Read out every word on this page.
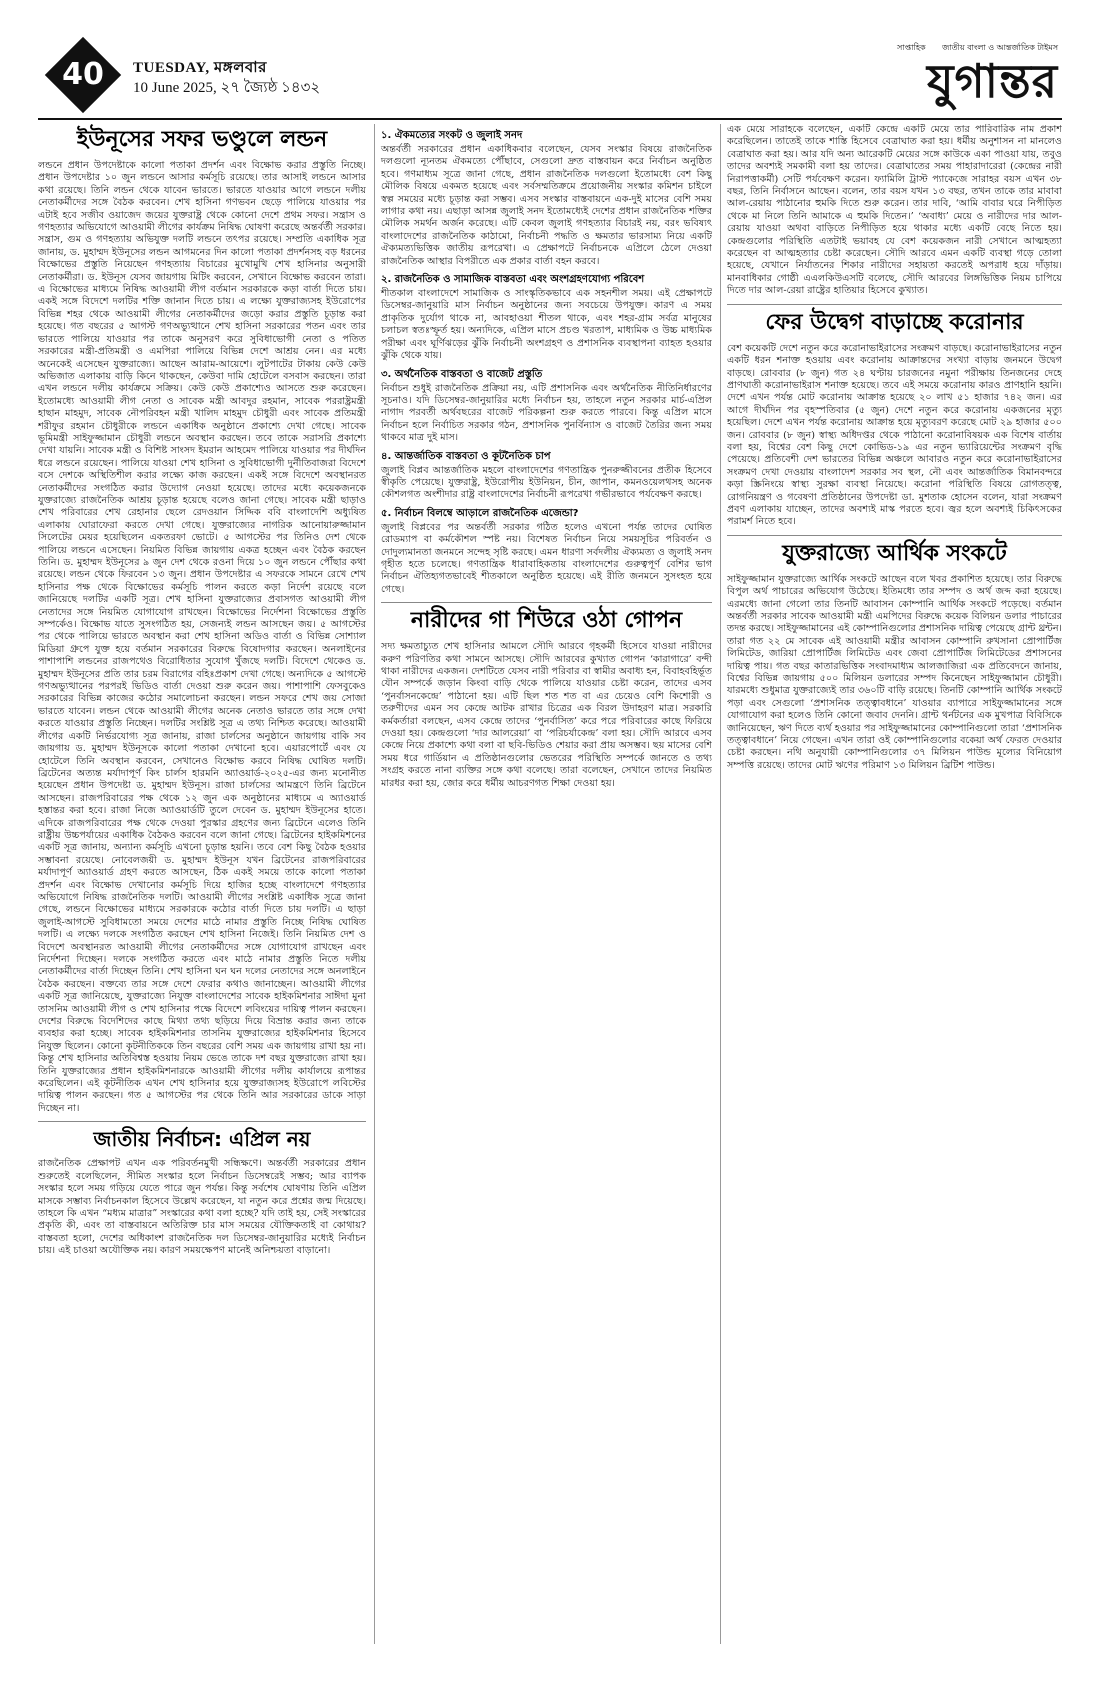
40	TUESDAY, মঙ্গলবার
10 June 2025, ২৭ জ্যৈষ্ঠ ১৪৩২
সাপ্তাহিক জাতীয় বাংলা ও আন্তর্জাতিক টাইমস
যুগান্তর
ইউনূসের সফর ভণ্ডুলে লন্ডন

লন্ডনে প্রধান উপদেষ্টাকে কালো পতাকা প্রদর্শন এবং বিক্ষোভ করার প্রস্তুতি নিচ্ছে। প্রধান উপদেষ্টার ১০ জুন লন্ডনে আসার কর্মসূচি রয়েছে। তার আসাই লন্ডনে আসার কথা রয়েছে। তিনি লন্ডন থেকে যাবেন ভারতে। ভারতে যাওয়ার আগে লন্ডনে দলীয় নেতাকর্মীদের সঙ্গে বৈঠক করবেন। শেখ হাসিনা গণভবন ছেড়ে পালিয়ে যাওয়ার পর এটাই হবে সজীব ওয়াজেদ জয়ের যুক্তরাষ্ট্র থেকে কোনো দেশে প্রথম সফর। সন্ত্রাস ও গণহত্যার অভিযোগে আওয়ামী লীগের কার্যক্রম নিষিদ্ধ ঘোষণা করেছে অন্তর্বর্তী সরকার। সন্ত্রাস, গুম ও গণহত্যায় অভিযুক্ত দলটি লন্ডনে তৎপর রয়েছে। সম্প্রতি একাধিক সূত্র জানায়, ড. মুহাম্মদ ইউনূসের লন্ডন আগমনের দিন কালো পতাকা প্রদর্শনসহ বড় ধরনের বিক্ষোভের প্রস্তুতি নিয়েছেন গণহত্যায় বিচারের মুখোমুখি শেখ হাসিনার অনুসারী নেতাকর্মীরা। ড. ইউনূস যেসব জায়গায় মিটিং করবেন, সেখানে বিক্ষোভ করবেন তারা। এ বিক্ষোভের মাধ্যমে নিষিদ্ধ আওয়ামী লীগ বর্তমান সরকারকে কড়া বার্তা দিতে চায়। একই সঙ্গে বিদেশে দলটির শক্তি জানান দিতে চায়। এ লক্ষ্যে যুক্তরাজ্যসহ ইউরোপের বিভিন্ন শহর থেকে আওয়ামী লীগের নেতাকর্মীদের জড়ো করার প্রস্তুতি চূড়ান্ত করা হয়েছে। গত বছরের ৫ আগস্ট গণঅভ্যুত্থানে শেখ হাসিনা সরকারের পতন এবং তার ভারতে পালিয়ে যাওয়ার পর তাকে অনুসরণ করে সুবিধাভোগী নেতা ও পতিত সরকারের মন্ত্রী-প্রতিমন্ত্রী ও এমপিরা পালিয়ে বিভিন্ন দেশে আশ্রয় নেন। এর মধ্যে অনেকেই এসেছেন যুক্তরাজ্যে। আছেন আরাম-আয়েশে। লুটপাটের টাকায় কেউ কেউ অভিজাত এলাকায় বাড়ি কিনে থাকছেন, কেউবা দামি হোটেলে বসবাস করছেন। তারা এখন লন্ডনে দলীয় কার্যক্রমে সক্রিয়। কেউ কেউ প্রকাশ্যেও আসতে শুরু করেছেন। ইতোমধ্যে আওয়ামী লীগ নেতা ও সাবেক মন্ত্রী আবদুর রহমান, সাবেক পররাষ্ট্রমন্ত্রী হাছান মাহমুদ, সাবেক নৌপরিবহন মন্ত্রী খালিদ মাহমুদ চৌধুরী এবং সাবেক প্রতিমন্ত্রী শরীফুর রহমান চৌধুরীকে লন্ডনে একাধিক অনুষ্ঠানে প্রকাশ্যে দেখা গেছে। সাবেক ভূমিমন্ত্রী সাইফুজ্জামান চৌধুরী লন্ডনে অবস্থান করছেন। তবে তাকে সরাসরি প্রকাশ্যে দেখা যায়নি। সাবেক মন্ত্রী ও বিশিষ্ট সাংসদ ইমরান আহমেদ পালিয়ে যাওয়ার পর দীর্ঘদিন ধরে লন্ডনে রয়েছেন। পালিয়ে যাওয়া শেখ হাসিনা ও সুবিধাভোগী দুর্নীতিবাজরা বিদেশে বসে দেশকে অস্থিতিশীল করার লক্ষ্যে কাজ করছেন। একই সঙ্গে বিদেশে অবস্থানরত নেতাকর্মীদের সংগঠিত করার উদ্যোগ নেওয়া হয়েছে। তাদের মধ্যে কয়েকজনকে যুক্তরাজ্যে রাজনৈতিক আশ্রয় চূড়ান্ত হয়েছে বলেও জানা গেছে। সাবেক মন্ত্রী ছাড়াও শেখ পরিবারের শেখ রেহানার ছেলে রেদওয়ান সিদ্দিক ববি বাংলাদেশি অধ্যুষিত এলাকায় ঘোরাফেরা করতে দেখা গেছে। যুক্তরাজ্যের নাগরিক আনোয়ারুজ্জামান সিলেটের মেয়র হয়েছিলেন একতরফা ভোটে। ৫ আগস্টের পর তিনিও দেশ থেকে পালিয়ে লন্ডনে এসেছেন। নিয়মিত বিভিন্ন জায়গায় একত্র হচ্ছেন এবং বৈঠক করছেন তিনি। ড. মুহাম্মদ ইউনূসের ৯ জুন দেশ থেকে রওনা দিয়ে ১০ জুন লন্ডনে পৌঁছার কথা রয়েছে। লন্ডন থেকে ফিরবেন ১৩ জুন। প্রধান উপদেষ্টার এ সফরকে সামনে রেখে শেখ হাসিনার পক্ষ থেকে বিক্ষোভের কর্মসূচি পালন করতে কড়া নির্দেশ রয়েছে বলে জানিয়েছে দলটির একটি সূত্র। শেখ হাসিনা যুক্তরাজ্যের প্রবাসগত আওয়ামী লীগ নেতাদের সঙ্গে নিয়মিত যোগাযোগ রাখছেন। বিক্ষোভের নির্দেশনা বিক্ষোভের প্রস্তুতি সম্পর্কেও। বিক্ষোভ যাতে সুসংগঠিত হয়, সেজন্যই লন্ডন আসছেন জয়। ৫ আগস্টের পর থেকে পালিয়ে ভারতে অবস্থান করা শেখ হাসিনা অডিও বার্তা ও বিভিন্ন সোশ্যাল মিডিয়া গ্রুপে যুক্ত হয়ে বর্তমান সরকারের বিরুদ্ধে বিষোদগার করছেন। অনলাইনের পাশাপাশি লন্ডনের রাজপথেও বিরোধিতার সুযোগ খুঁজছে দলটি। বিদেশে থেকেও ড. মুহাম্মদ ইউনূসের প্রতি তার চরম বিরাগের বহিঃপ্রকাশ দেখা গেছে। অন্যদিকে ৫ আগস্টে গণঅভ্যুত্থানের পরপরই ভিডিও বার্তা দেওয়া শুরু করেন জয়। পাশাপাশি ফেসবুকেও সরকারের বিভিন্ন কাজের কঠোর সমালোচনা করছেন। লন্ডন সফরে শেখ জয় সোজা ভারতে যাবেন। লন্ডন থেকে আওয়ামী লীগের অনেক নেতাও ভারতে তার সঙ্গে দেখা করতে যাওয়ার প্রস্তুতি নিচ্ছেন। দলটির সংশ্লিষ্ট সূত্র এ তথ্য নিশ্চিত করেছে। আওয়ামী লীগের একটি নির্ভরযোগ্য সূত্র জানায়, রাজা চার্লসের অনুষ্ঠানে জায়গায় বাকি সব জায়গায় ড. মুহাম্মদ ইউনূসকে কালো পতাকা দেখানো হবে। এয়ারপোর্টে এবং যে হোটেলে তিনি অবস্থান করবেন, সেখানেও বিক্ষোভ করবে নিষিদ্ধ ঘোষিত দলটি। ব্রিটেনের অত্যন্ত মর্যাদাপূর্ণ কিং চার্লস হারমনি অ্যাওয়ার্ড-২০২৫-এর জন্য মনোনীত হয়েছেন প্রধান উপদেষ্টা ড. মুহাম্মদ ইউনূস। রাজা চার্লসের আমন্ত্রণে তিনি ব্রিটেনে আসছেন। রাজপরিবারের পক্ষ থেকে ১২ জুন এক অনুষ্ঠানের মাধ্যমে এ অ্যাওয়ার্ড হস্তান্তর করা হবে। রাজা নিজে অ্যাওয়ার্ডটি তুলে দেবেন ড. মুহাম্মদ ইউনূসের হাতে। এদিকে রাজপরিবারের পক্ষ থেকে দেওয়া পুরস্কার গ্রহণের জন্য ব্রিটেনে এলেও তিনি রাষ্ট্রীয় উচ্চপর্যায়ের একাধিক বৈঠকও করবেন বলে জানা গেছে। ব্রিটেনের হাইকমিশনের একটি সূত্র জানায়, অন্যান্য কর্মসূচি এখনো চূড়ান্ত হয়নি। তবে বেশ কিছু বৈঠক হওয়ার সম্ভাবনা রয়েছে। নোবেলজয়ী ড. মুহাম্মদ ইউনূস যখন ব্রিটেনের রাজপরিবারের মর্যাদাপূর্ণ অ্যাওয়ার্ড গ্রহণ করতে আসছেন, ঠিক একই সময়ে তাকে কালো পতাকা প্রদর্শন এবং বিক্ষোভ দেখানোর কর্মসূচি দিয়ে হাজির হচ্ছে বাংলাদেশে গণহত্যার অভিযোগে নিষিদ্ধ রাজনৈতিক দলটি। আওয়ামী লীগের সংশ্লিষ্ট একাধিক সূত্রে জানা গেছে, লন্ডনে বিক্ষোভের মাধ্যমে সরকারকে কঠোর বার্তা দিতে চায় দলটি। এ ছাড়া জুলাই-আগস্টে সুবিধামতো সময়ে দেশের মাঠে নামার প্রস্তুতি নিচ্ছে নিষিদ্ধ ঘোষিত দলটি। এ লক্ষ্যে দলকে সংগঠিত করছেন শেখ হাসিনা নিজেই। তিনি নিয়মিত দেশ ও বিদেশে অবস্থানরত আওয়ামী লীগের নেতাকর্মীদের সঙ্গে যোগাযোগ রাখছেন এবং নির্দেশনা দিচ্ছেন। দলকে সংগঠিত করতে এবং মাঠে নামার প্রস্তুতি নিতে দলীয় নেতাকর্মীদের বার্তা দিচ্ছেন তিনি। শেখ হাসিনা ঘন ঘন দলের নেতাদের সঙ্গে অনলাইনে বৈঠক করছেন। বক্তব্যে তার সঙ্গে দেশে ফেরার কথাও জানাচ্ছেন। আওয়ামী লীগের একটি সূত্র জানিয়েছে, যুক্তরাজ্যে নিযুক্ত বাংলাদেশের সাবেক হাইকমিশনার সাঈদা মুনা তাসনিম আওয়ামী লীগ ও শেখ হাসিনার পক্ষে বিদেশে লবিংয়ের দায়িত্ব পালন করছেন। দেশের বিরুদ্ধে বিদেশিদের কাছে মিথ্যা তথ্য ছড়িয়ে দিয়ে বিভ্রান্ত করার জন্য তাকে ব্যবহার করা হচ্ছে। সাবেক হাইকমিশনার তাসনিম যুক্তরাজ্যের হাইকমিশনার হিসেবে নিযুক্ত ছিলেন। কোনো কূটনীতিককে তিন বছরের বেশি সময় এক জায়গায় রাখা হয় না। কিন্তু শেখ হাসিনার অতিবিশ্বস্ত হওয়ায় নিয়ম ভেঙে তাকে দশ বছর যুক্তরাজ্যে রাখা হয়। তিনি যুক্তরাজ্যের প্রধান হাইকমিশনারকে আওয়ামী লীগের দলীয় কার্যালয়ে রূপান্তর করেছিলেন। এই কূটনীতিক এখন শেখ হাসিনার হয়ে যুক্তরাজ্যসহ ইউরোপে লবিস্টের দায়িত্ব পালন করছেন। গত ৫ আগস্টের পর থেকে তিনি আর সরকারের ডাকে সাড়া দিচ্ছেন না।

জাতীয় নির্বাচন: এপ্রিল নয়

রাজনৈতিক প্রেক্ষাপট এখন এক পরিবর্তনমুখী সন্ধিক্ষণে। অন্তর্বর্তী সরকারের প্রধান শুরুতেই বলেছিলেন, সীমিত সংস্কার হলে নির্বাচন ডিসেম্বরেই সম্ভব; আর ব্যাপক সংস্কার হলে সময় গড়িয়ে যেতে পারে জুন পর্যন্ত। কিন্তু সর্বশেষ ঘোষণায় তিনি এপ্রিল মাসকে সম্ভাব্য নির্বাচনকাল হিসেবে উল্লেখ করেছেন, যা নতুন করে প্রশ্নের জন্ম দিয়েছে। তাহলে কি এখন “মধ্যম মাত্রার” সংস্কারের কথা বলা হচ্ছে? যদি তাই হয়, সেই সংস্কারের প্রকৃতি কী, এবং তা বাস্তবায়নে অতিরিক্ত চার মাস সময়ের যৌক্তিকতাই বা কোথায়? বাস্তবতা হলো, দেশের অধিকাংশ রাজনৈতিক দল ডিসেম্বর-জানুয়ারির মধ্যেই নির্বাচন চায়। এই চাওয়া অযৌক্তিক নয়। কারণ সময়ক্ষেপণ মানেই অনিশ্চয়তা বাড়ানো।

১. ঐকমত্যের সংকট ও জুলাই সনদ

অন্তর্বর্তী সরকারের প্রধান একাধিকবার বলেছেন, যেসব সংস্কার বিষয়ে রাজনৈতিক দলগুলো ন্যূনতম ঐকমত্যে পৌঁছাবে, সেগুলো দ্রুত বাস্তবায়ন করে নির্বাচন অনুষ্ঠিত হবে। গণমাধ্যম সূত্রে জানা গেছে, প্রধান রাজনৈতিক দলগুলো ইতোমধ্যে বেশ কিছু মৌলিক বিষয়ে একমত হয়েছে এবং সর্বসম্মতিক্রমে প্রয়োজনীয় সংস্কার কমিশন চাইলে স্বল্প সময়ের মধ্যে চূড়ান্ত করা সম্ভব। এসব সংস্কার বাস্তবায়নে এক-দুই মাসের বেশি সময় লাগার কথা নয়। এছাড়া আসন্ন জুলাই সনদ ইতোমধ্যেই দেশের প্রধান রাজনৈতিক শক্তির মৌলিক সমর্থন অর্জন করেছে। এটি কেবল জুলাই গণহত্যার বিচারই নয়, বরং ভবিষ্যৎ বাংলাদেশের রাজনৈতিক কাঠামো, নির্বাচনী পদ্ধতি ও ক্ষমতার ভারসাম্য নিয়ে একটি ঐক্যমত্যভিত্তিক জাতীয় রূপরেখা। এ প্রেক্ষাপটে নির্বাচনকে এপ্রিলে ঠেলে দেওয়া রাজনৈতিক আস্থার বিপরীতে এক প্রকার বার্তা বহন করবে।

২. রাজনৈতিক ও সামাজিক বাস্তবতা এবং অংশগ্রহণযোগ্য পরিবেশ

শীতকাল বাংলাদেশে সামাজিক ও সাংস্কৃতিকভাবে এক সহনশীল সময়। এই প্রেক্ষাপটে ডিসেম্বর-জানুয়ারি মাস নির্বাচন অনুষ্ঠানের জন্য সবচেয়ে উপযুক্ত। কারণ এ সময় প্রাকৃতিক দুর্যোগ থাকে না, আবহাওয়া শীতল থাকে, এবং শহর-গ্রাম সর্বত্র মানুষের চলাচল স্বতঃস্ফূর্ত হয়। অন্যদিকে, এপ্রিল মাসে প্রচণ্ড খরতাপ, মাধ্যমিক ও উচ্চ মাধ্যমিক পরীক্ষা এবং ঘূর্ণিঝড়ের ঝুঁকি নির্বাচনী অংশগ্রহণ ও প্রশাসনিক ব্যবস্থাপনা ব্যাহত হওয়ার ঝুঁকি থেকে যায়।

৩. অর্থনৈতিক বাস্তবতা ও বাজেট প্রস্তুতি

নির্বাচন শুধুই রাজনৈতিক প্রক্রিয়া নয়, এটি প্রশাসনিক এবং অর্থনৈতিক নীতিনির্ধারণের সূচনাও। যদি ডিসেম্বর-জানুয়ারির মধ্যে নির্বাচন হয়, তাহলে নতুন সরকার মার্চ-এপ্রিল নাগাদ পরবর্তী অর্থবছরের বাজেট পরিকল্পনা শুরু করতে পারবে। কিন্তু এপ্রিল মাসে নির্বাচন হলে নির্বাচিত সরকার গঠন, প্রশাসনিক পুনর্বিন্যাস ও বাজেট তৈরির জন্য সময় থাকবে মাত্র দুই মাস।

৪. আন্তর্জাতিক বাস্তবতা ও কূটনৈতিক চাপ

জুলাই বিপ্লব আন্তর্জাতিক মহলে বাংলাদেশের গণতান্ত্রিক পুনরুজ্জীবনের প্রতীক হিসেবে স্বীকৃতি পেয়েছে। যুক্তরাষ্ট্র, ইউরোপীয় ইউনিয়ন, চীন, জাপান, কমনওয়েলথসহ অনেক কৌশলগত অংশীদার রাষ্ট্র বাংলাদেশের নির্বাচনী রূপরেখা গভীরভাবে পর্যবেক্ষণ করছে।

৫. নির্বাচন বিলম্বে আড়ালে রাজনৈতিক এজেন্ডা?

জুলাই বিপ্লবের পর অন্তর্বর্তী সরকার গঠিত হলেও এখনো পর্যন্ত তাদের ঘোষিত রোডম্যাপ বা কর্মকৌশল স্পষ্ট নয়। বিশেষত নির্বাচন নিয়ে সময়সূচির পরিবর্তন ও দোদুল্যমানতা জনমনে সন্দেহ সৃষ্টি করছে। এমন ধারণা সর্বদলীয় ঐক্যমত্য ও জুলাই সনদ গৃহীত হতে চলেছে। গণতান্ত্রিক ধারাবাহিকতায় বাংলাদেশের গুরুত্বপূর্ণ বেশির ভাগ নির্বাচন ঐতিহ্যগতভাবেই শীতকালে অনুষ্ঠিত হয়েছে। এই রীতি জনমনে সুসংহত হয়ে গেছে।

নারীদের গা শিউরে ওঠা গোপন

সদ্য ক্ষমতাচ্যুত শেখ হাসিনার আমলে সৌদি আরবে গৃহকর্মী হিসেবে যাওয়া নারীদের করুণ পরিণতির কথা সামনে আসছে। সৌদি আরবের কুখ্যাত গোপন ‘কারাগারে’ বন্দী থাকা নারীদের একজন। দেশটিতে যেসব নারী পরিবার বা স্বামীর অবাধ্য হন, বিবাহবহির্ভূত যৌন সম্পর্কে জড়ান কিংবা বাড়ি থেকে পালিয়ে যাওয়ার চেষ্টা করেন, তাদের এসব ‘পুনর্বাসনকেন্দ্রে’ পাঠানো হয়। এটি ছিল শত শত বা এর চেয়েও বেশি কিশোরী ও তরুণীদের এমন সব কেন্দ্রে আটক রাখার চিত্রের এক বিরল উদাহরণ মাত্র। সরকারি কর্মকর্তারা বলছেন, এসব কেন্দ্রে তাদের ‘পুনর্বাসিত’ করে পরে পরিবারের কাছে ফিরিয়ে দেওয়া হয়। কেন্দ্রগুলো ‘দার আলরেয়া’ বা ‘পরিচর্যাকেন্দ্র’ বলা হয়। সৌদি আরবে এসব কেন্দ্রে নিয়ে প্রকাশ্যে কথা বলা বা ছবি-ভিডিও শেয়ার করা প্রায় অসম্ভব। ছয় মাসের বেশি সময় ধরে গার্ডিয়ান এ প্রতিষ্ঠানগুলোর ভেতরের পরিস্থিতি সম্পর্কে জানতে ও তথ্য সংগ্রহ করতে নানা ব্যক্তির সঙ্গে কথা বলেছে। তারা বলেছেন, সেখানে তাদের নিয়মিত মারধর করা হয়, জোর করে ধর্মীয় আচরণগত শিক্ষা দেওয়া হয়।

এক মেয়ে সারাহকে বলেছেন, একটি কেন্দ্রে একটি মেয়ে তার পারিবারিক নাম প্রকাশ করেছিলেন। তাতেই তাকে শাস্তি হিসেবে বেত্রাঘাত করা হয়। ধর্মীয় অনুশাসন না মানলেও বেত্রাঘাত করা হয়। আর যদি অন্য আরেকটি মেয়ের সঙ্গে কাউকে একা পাওয়া যায়, তবুও তাদের অবশ্যই সমকামী বলা হয় তাদের। বেত্রাঘাতের সময় পাহারাদারেরা (কেন্দ্রের নারী নিরাপত্তাকর্মী) সেটি পর্যবেক্ষণ করেন। ফ্যামিলি ট্রাস্ট প্যাকেজে সারাহর বয়স এখন ৩৮ বছর, তিনি নির্বাসনে আছেন। বলেন, তার বয়স যখন ১৩ বছর, তখন তাকে তার মাবাবা আল-রেয়ায় পাঠানোর হুমকি দিতে শুরু করেন। তার দাবি, ‘আমি বাবার ঘরে নিপীড়িত থেকে মা নিলে তিনি আমাকে এ হুমকি দিতেন।’ ‘অবাধ্য’ মেয়ে ও নারীদের দার আল-রেয়ায় যাওয়া অথবা বাড়িতে নিপীড়িত হয়ে থাকার মধ্যে একটি বেছে নিতে হয়। কেন্দ্রগুলোর পরিস্থিতি এতটাই ভয়াবহ যে বেশ কয়েকজন নারী সেখানে আত্মহত্যা করেছেন বা আত্মহত্যার চেষ্টা করেছেন। সৌদি আরবে এমন একটি ব্যবস্থা গড়ে তোলা হয়েছে, যেখানে নির্যাতনের শিকার নারীদের সহায়তা করতেই অপরাধ হয়ে দাঁড়ায়। মানবাধিকার গোষ্ঠী এএলকিউএসটি বলেছে, সৌদি আরবের লিঙ্গভিত্তিক নিয়ম চাপিয়ে দিতে দার আল-রেয়া রাষ্ট্রের হাতিয়ার হিসেবে কুখ্যাত।

ফের উদ্বেগ বাড়াচ্ছে করোনার

বেশ কয়েকটি দেশে নতুন করে করোনাভাইরাসের সংক্রমণ বাড়ছে। করোনাভাইরাসের নতুন একটি ধরন শনাক্ত হওয়ায় এবং করোনায় আক্রান্তদের সংখ্যা বাড়ায় জনমনে উদ্বেগ বাড়ছে। রোববার (৮ জুন) গত ২৪ ঘণ্টায় চারজনের নমুনা পরীক্ষায় তিনজনের দেহে প্রাণঘাতী করোনাভাইরাস শনাক্ত হয়েছে। তবে এই সময়ে করোনায় কারও প্রাণহানি হয়নি। দেশে এখন পর্যন্ত মোট করোনায় আক্রান্ত হয়েছে ২০ লাখ ৫১ হাজার ৭৪২ জন। এর আগে দীর্ঘদিন পর বৃহস্পতিবার (৫ জুন) দেশে নতুন করে করোনায় একজনের মৃত্যু হয়েছিল। দেশে এখন পর্যন্ত করোনায় আক্রান্ত হয়ে মৃত্যুবরণ করেছে মোট ২৯ হাজার ৫০০ জন। রোববার (৮ জুন) স্বাস্থ্য অধিদপ্তর থেকে পাঠানো করোনাবিষয়ক এক বিশেষ বার্তায় বলা হয়, বিশ্বের বেশ কিছু দেশে কোভিড-১৯ এর নতুন ভ্যারিয়েন্টের সংক্রমণ বৃদ্ধি পেয়েছে। প্রতিবেশী দেশ ভারতের বিভিন্ন অঞ্চলে আবারও নতুন করে করোনাভাইরাসের সংক্রমণ দেখা দেওয়ায় বাংলাদেশ সরকার সব স্থল, নৌ এবং আন্তর্জাতিক বিমানবন্দরে কড়া স্ক্রিনিংয়ে স্বাস্থ্য সুরক্ষা ব্যবস্থা নিয়েছে। করোনা পরিস্থিতি বিষয়ে রোগতত্ত্ব, রোগনিয়ন্ত্রণ ও গবেষণা প্রতিষ্ঠানের উপদেষ্টা ডা. মুশতাক হোসেন বলেন, যারা সংক্রমণ প্রবণ এলাকায় যাচ্ছেন, তাদের অবশ্যই মাস্ক পরতে হবে। জ্বর হলে অবশ্যই চিকিৎসকের পরামর্শ নিতে হবে।

যুক্তরাজ্যে আর্থিক সংকটে

সাইফুজ্জামান যুক্তরাজ্যে আর্থিক সংকটে আছেন বলে খবর প্রকাশিত হয়েছে। তার বিরুদ্ধে বিপুল অর্থ পাচারের অভিযোগ উঠেছে। ইতিমধ্যে তার সম্পদ ও অর্থ জব্দ করা হয়েছে। এরমধ্যে জানা গেলো তার তিনটি আবাসন কোম্পানি আর্থিক সংকটে পড়েছে। বর্তমান অন্তর্বর্তী সরকার সাবেক আওয়ামী মন্ত্রী এমপিদের বিরুদ্ধে কয়েক বিলিয়ন ডলার পাচারের তদন্ত করছে। সাইফুজ্জামানের এই কোম্পানিগুলোর প্রশাসনিক দায়িত্ব পেয়েছে গ্রান্ট থ্রন্টন। তারা গত ২২ মে সাবেক এই আওয়ামী মন্ত্রীর আবাসন কোম্পানি রুখসানা প্রোপার্টিজ লিমিটেড, জারিয়া প্রোপার্টিজ লিমিটেড এবং জেবা প্রোপার্টিজ লিমিটেডের প্রশাসনের দায়িত্ব পায়। গত বছর কাতারভিত্তিক সংবাদমাধ্যম আলজাজিরা এক প্রতিবেদনে জানায়, বিশ্বের বিভিন্ন জায়গায় ৫০০ মিলিয়ন ডলারের সম্পদ কিনেছেন সাইফুজ্জামান চৌধুরী। যারমধ্যে শুধুমাত্র যুক্তরাজ্যেই তার ৩৬০টি বাড়ি রয়েছে। তিনটি কোম্পানি আর্থিক সংকটে পড়া এবং সেগুলো ‘প্রশাসনিক তত্ত্বাবধানে’ যাওয়ার ব্যাপারে সাইফুজ্জামানের সঙ্গে যোগাযোগ করা হলেও তিনি কোনো জবাব দেননি। গ্রান্ট থর্নটনের এক মুখপাত্র বিবিসিকে জানিয়েছেন, ঋণ দিতে ব্যর্থ হওয়ার পর সাইফুজ্জামানের কোম্পানিগুলো তারা ‘প্রশাসনিক তত্ত্বাবধানে’ নিয়ে গেছেন। এখন তারা ওই কোম্পানিগুলোর বকেয়া অর্থ ফেরত দেওয়ার চেষ্টা করছেন। নথি অনুযায়ী কোম্পানিগুলোর ৩৭ মিলিয়ন পাউন্ড মূল্যের বিনিয়োগ সম্পত্তি রয়েছে। তাদের মোট ঋণের পরিমাণ ১৩ মিলিয়ন ব্রিটিশ পাউন্ড।
